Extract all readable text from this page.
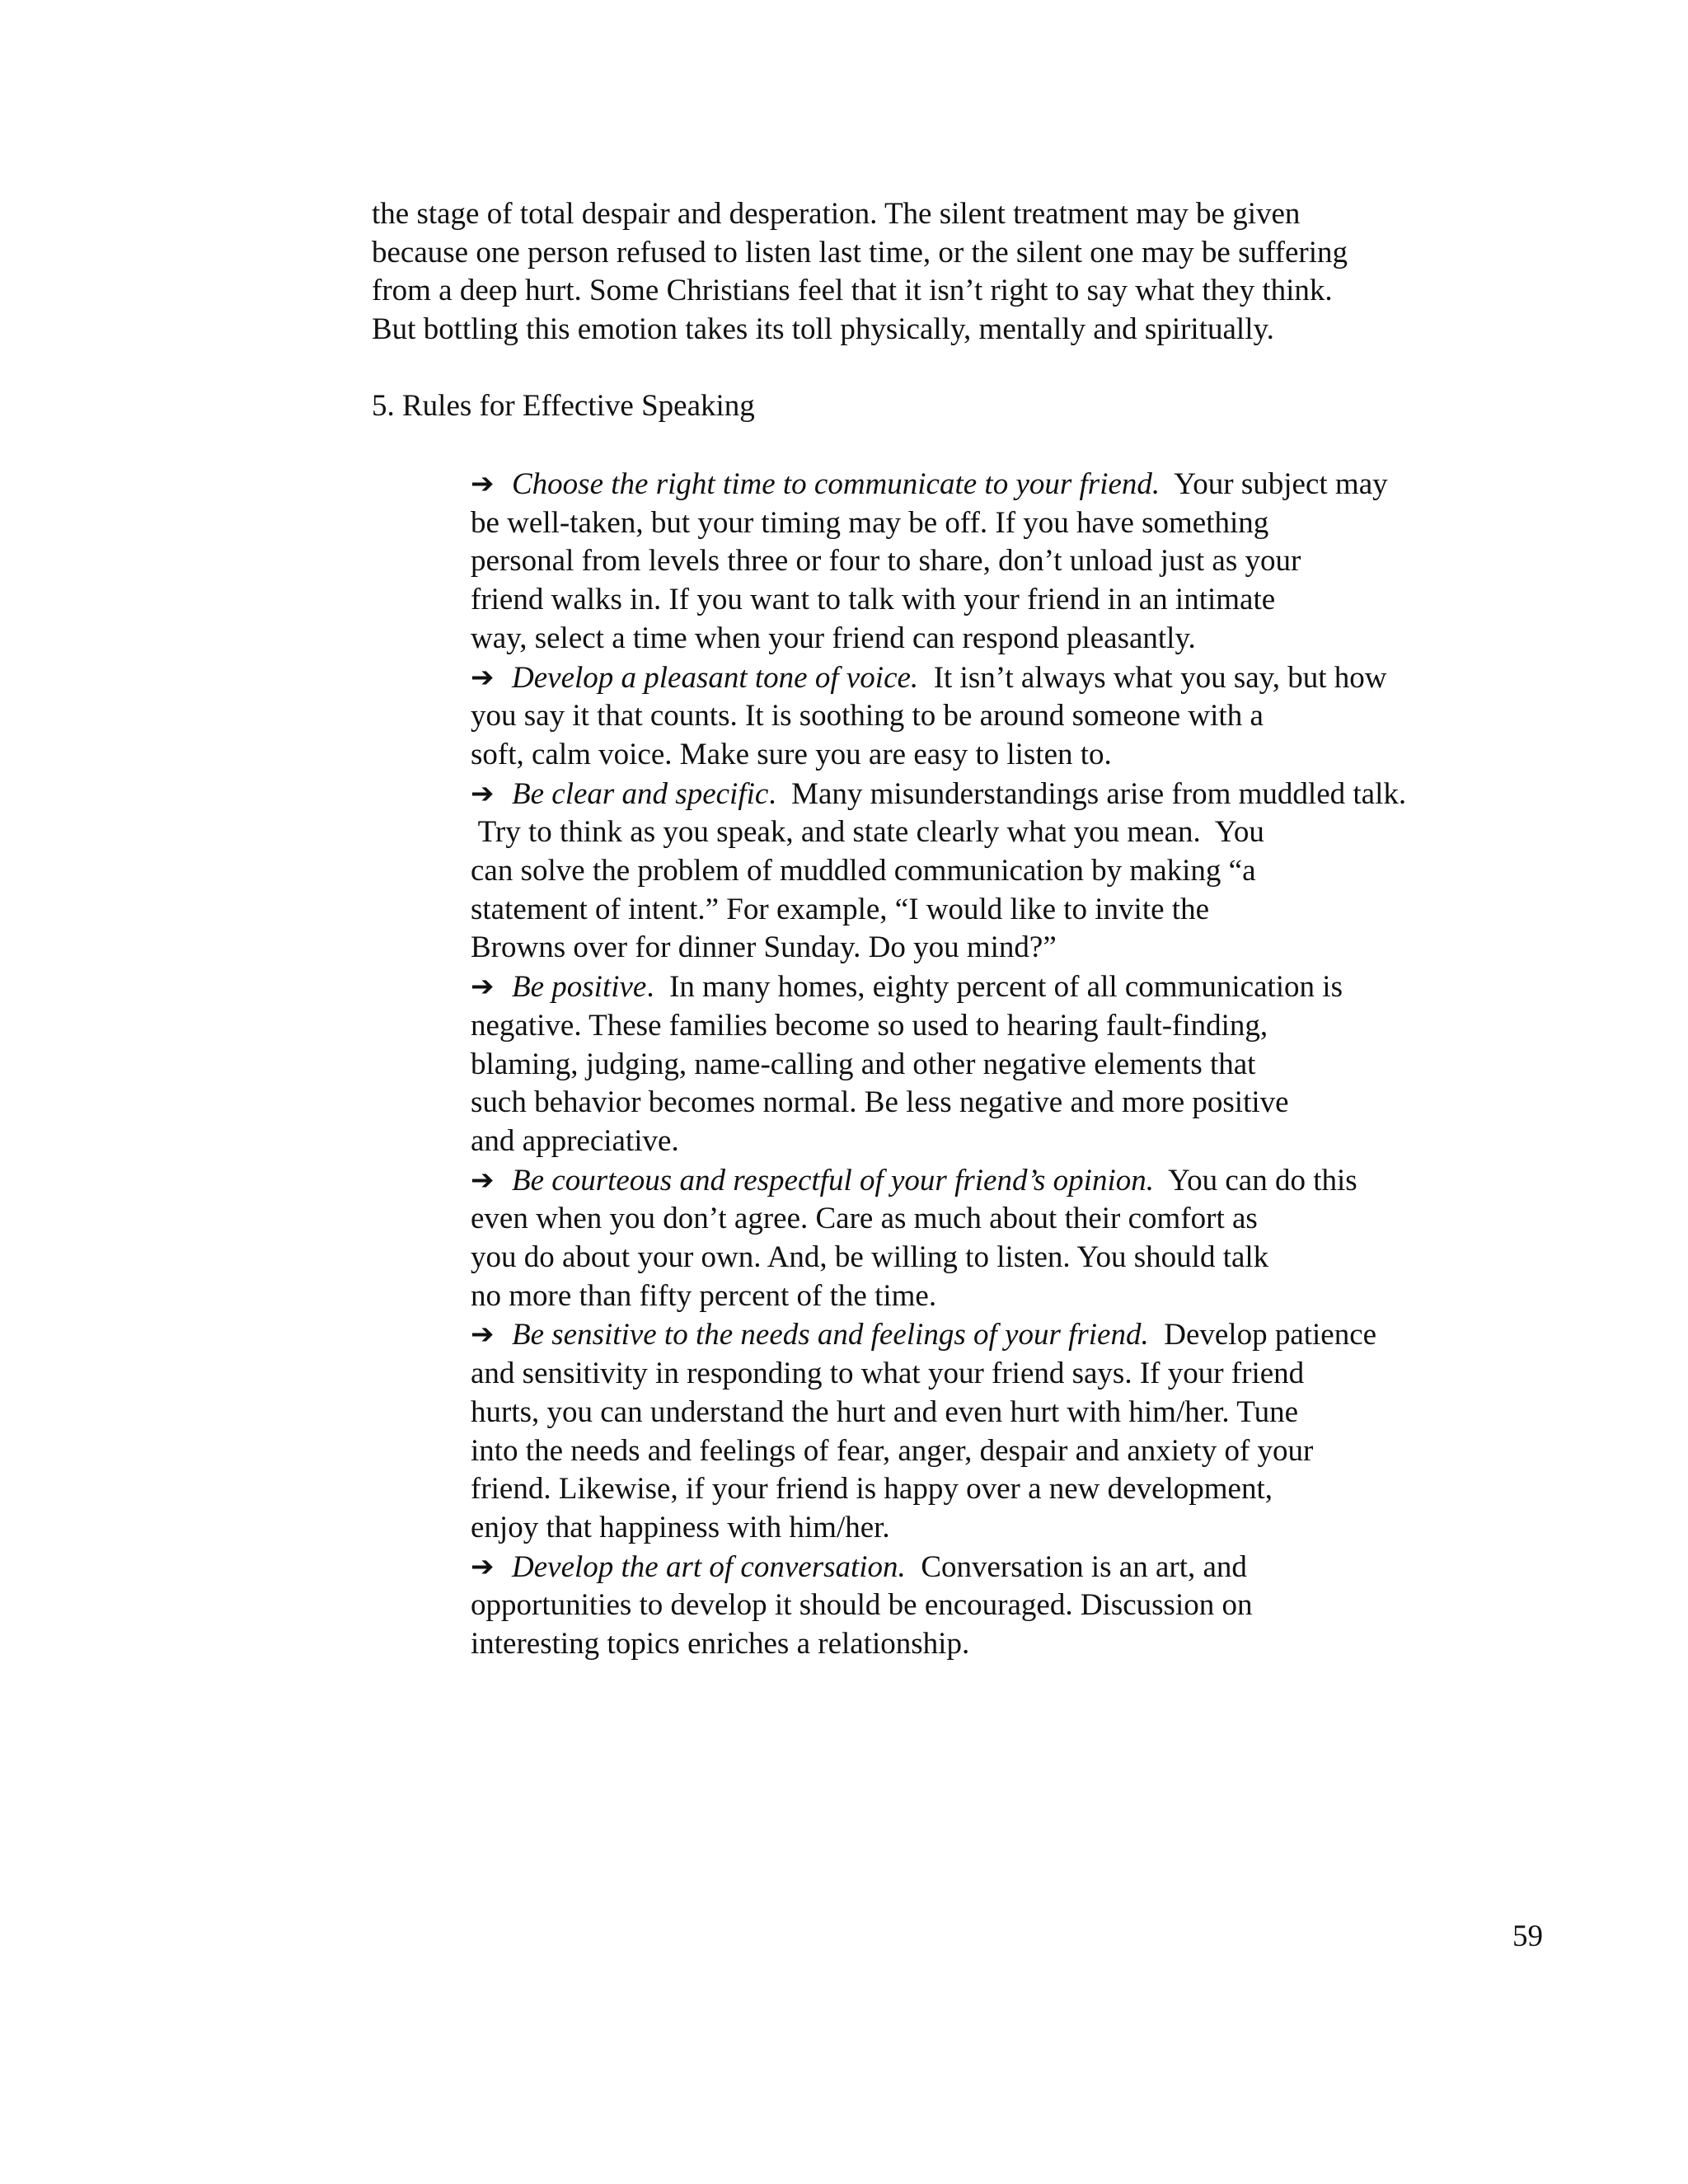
the stage of total despair and desperation. The silent treatment may be given
because one person refused to listen last time, or the silent one may be suffering
from a deep hurt. Some Christians feel that it isn’t right to say what they think.
But bottling this emotion takes its toll physically, mentally and spiritually.
5. Rules for Effective Speaking
➔ Choose the right time to communicate to your friend.  Your subject may
be well-taken, but your timing may be off. If you have something
personal from levels three or four to share, don’t unload just as your
friend walks in. If you want to talk with your friend in an intimate
way, select a time when your friend can respond pleasantly.
➔ Develop a pleasant tone of voice.  It isn’t always what you say, but how
you say it that counts. It is soothing to be around someone with a
soft, calm voice. Make sure you are easy to listen to.
➔ Be clear and specific.  Many misunderstandings arise from muddled talk.
Try to think as you speak, and state clearly what you mean.  You
can solve the problem of muddled communication by making “a
statement of intent.” For example, “I would like to invite the
Browns over for dinner Sunday. Do you mind?”
➔ Be positive.  In many homes, eighty percent of all communication is
negative. These families become so used to hearing fault-finding,
blaming, judging, name-calling and other negative elements that
such behavior becomes normal. Be less negative and more positive
and appreciative.
➔ Be courteous and respectful of your friend’s opinion.  You can do this
even when you don’t agree. Care as much about their comfort as
you do about your own. And, be willing to listen. You should talk
no more than fifty percent of the time.
➔ Be sensitive to the needs and feelings of your friend.  Develop patience
and sensitivity in responding to what your friend says. If your friend
hurts, you can understand the hurt and even hurt with him/her. Tune
into the needs and feelings of fear, anger, despair and anxiety of your
friend. Likewise, if your friend is happy over a new development,
enjoy that happiness with him/her.
➔ Develop the art of conversation.  Conversation is an art, and
opportunities to develop it should be encouraged. Discussion on
interesting topics enriches a relationship.
59
